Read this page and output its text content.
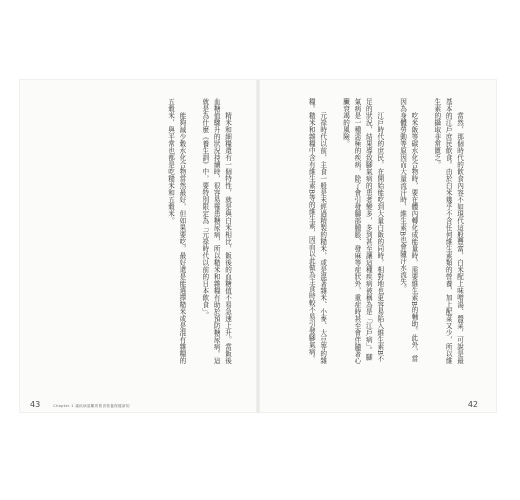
　　精米和細糧還有一個特性，就是與白米相比，飯後的血糖值不易急速上升。當飯後血糖值驟升的狀況持續時，很容易罹患糖尿病，所以糙米和雜糧有助於預防糖尿病。這就是為什麼《養生訓》中，要特別限定為「元祿時代以前的日本飲食」。

　　能夠減少穀水化合物當然最好，但如果要吃，最好還是能選擇糙米或是混有雜糧的五穀米，與平常也都是吃糙米和五穀米。

43	Chapter 1 讓疾病遠離的飲食營養保健新知

　　當然，那個時代的飲食內容不如現代這般豐富，白米配上味噌湯、醬菜，可說是最基本的江戶庶民飲食。由於白米幾乎不含任何維生素類的營養，加上配菜又少，所以維生素的攝取非常匱乏。

　　吃米飯等碳水化合物時，要在體內轉化成能量時，需要維生素B的輔助。此外，當因為身體勞動等原因而大量流汗時，維生素B也會隨汗水流失。

　　江戶時代的庶民，在開始能吃到大量白飯的同時，相對地也更容易陷入維生素B不足的狀況，結果導致腳氣病的患者變多，多到甚至讓這種疾病被稱為是「江戶病」。腳氣病是一種惡極的疾病，除了會引發腳部腫脹、發麻等症狀外，重症時甚至會伴隨著心臟衰竭的風險。

　　元祿時代以前，主食一般是未經過精製的糙米，或是混著雜米、小麥、大豆等的雜糧。糙米和雜糧中含有維生素B等的維生素，因而以此做為主食時較不易引發腳氣病。

42
